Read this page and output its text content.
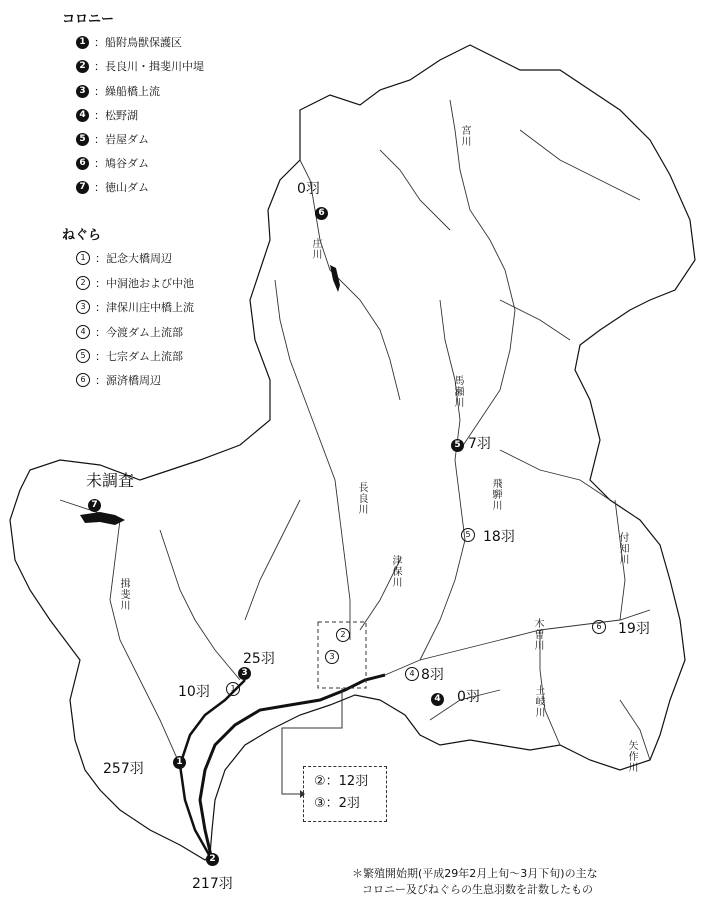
コロニー
1 ：船附鳥獣保護区
2 ：長良川・揖斐川中堤
3 ：繰船橋上流
4 ：松野湖
5 ：岩屋ダム
6 ：鳩谷ダム
7 ：徳山ダム
ねぐら
1 ：記念大橋周辺
2 ：中洞池および中池
3 ：津保川庄中橋上流
4 ：今渡ダム上流部
5 ：七宗ダム上流部
6 ：源済橋周辺
1
2
3
4
5
6
7
1
2
3
4
5
6
257羽
217羽
25羽
0羽
7羽
0羽
未調査
10羽
8羽
18羽
19羽
宮川
庄川
馬瀬川
飛騨川
長良川
津保川
揖斐川
木曽川
付知川
土岐川
矢作川
②：12羽
③：2羽
＊繁殖開始期(平成29年2月上旬～3月下旬)の主な
コロニー及びねぐらの生息羽数を計数したもの
